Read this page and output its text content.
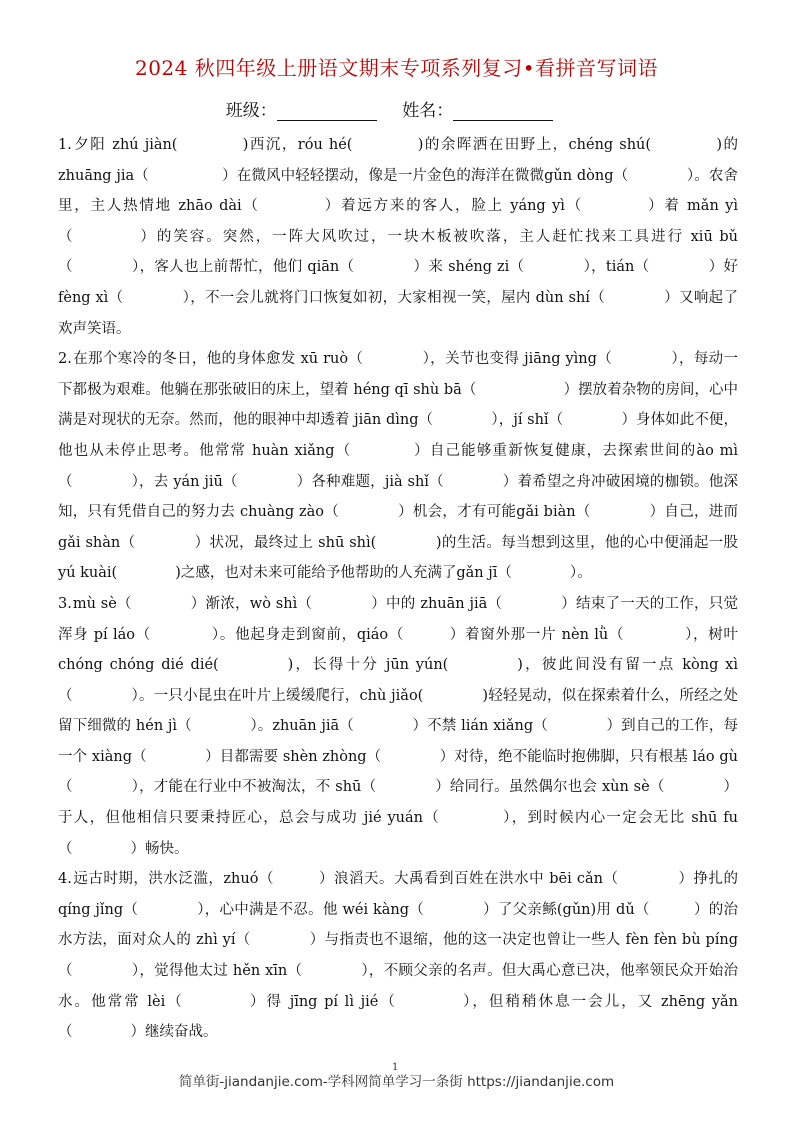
2024 秋四年级上册语文期末专项系列复习•看拼音写词语
班级：	姓名：

1.夕阳 zhú jiàn(　　　　)西沉，róu hé(　　　　)的余晖洒在田野上，chéng shú(　　　　)的 zhuāng jia（　　　　　）在微风中轻轻摆动，像是一片金色的海洋在微微gǔn dòng（　　　　）。农舍里，主人热情地 zhāo dài（　　　　）着远方来的客人，脸上 yáng yì（　　　　）着 mǎn yì（　　　　）的笑容。突然，一阵大风吹过，一块木板被吹落，主人赶忙找来工具进行 xiū bǔ（　　　　），客人也上前帮忙，他们 qiān（　　　　）来 shéng zi（　　　　），tián（　　　　）好 fèng xì（　　　　），不一会儿就将门口恢复如初，大家相视一笑，屋内 dùn shí（　　　　）又响起了欢声笑语。

2.在那个寒冷的冬日，他的身体愈发 xū ruò（　　　　），关节也变得 jiāng yìng（　　　　），每动一下都极为艰难。他躺在那张破旧的床上，望着 héng qī shù bā（　　　　　　）摆放着杂物的房间，心中满是对现状的无奈。然而，他的眼神中却透着 jiān dìng（　　　　），jí shǐ（　　　　）身体如此不便，他也从未停止思考。他常常 huàn xiǎng（　　　　）自己能够重新恢复健康，去探索世间的ào mì（　　　　），去 yán jiū（　　　　）各种难题，jià shǐ（　　　　）着希望之舟冲破困境的枷锁。他深知，只有凭借自己的努力去 chuàng zào（　　　　）机会，才有可能gǎi biàn（　　　　）自己，进而gǎi shàn（　　　　）状况，最终过上 shū shì(　　　　)的生活。每当想到这里，他的心中便涌起一股 yú kuài(　　　　)之感，也对未来可能给予他帮助的人充满了gǎn jī（　　　　）。

3.mù sè（　　　　）渐浓，wò shì（　　　　）中的 zhuān jiā（　　　　）结束了一天的工作，只觉浑身 pí láo（　　　　）。他起身走到窗前，qiáo（　　　）着窗外那一片 nèn lǜ（　　　　），树叶 chóng chóng dié dié(　　　　)，长得十分 jūn yún(　　　　)，彼此间没有留一点 kòng xì（　　　　）。一只小昆虫在叶片上缓缓爬行，chù jiǎo(　　　　)轻轻晃动，似在探索着什么，所经之处留下细微的 hén jì（　　　　）。zhuān jiā（　　　　）不禁 lián xiǎng（　　　　）到自己的工作，每一个 xiàng（　　　　）目都需要 shèn zhòng（　　　　）对待，绝不能临时抱佛脚，只有根基 láo gù（　　　　），才能在行业中不被淘汰，不 shū（　　　　）给同行。虽然偶尔也会 xùn sè（　　　　）于人，但他相信只要秉持匠心，总会与成功 jié yuán（　　　　），到时候内心一定会无比 shū fu（　　　　）畅快。

4.远古时期，洪水泛滥，zhuó（　　　）浪滔天。大禹看到百姓在洪水中 bēi cǎn（　　　　）挣扎的 qíng jǐng（　　　　），心中满是不忍。他 wéi kàng（　　　　）了父亲鲧(gǔn)用 dǔ（　　　）的治水方法，面对众人的 zhì yí（　　　　）与指责也不退缩，他的这一决定也曾让一些人 fèn fèn bù píng（　　　　），觉得他太过 hěn xīn（　　　　），不顾父亲的名声。但大禹心意已决，他率领民众开始治水。他常常 lèi（　　　　）得 jīng pí lì jié（　　　　），但稍稍休息一会儿，又 zhēng yǎn（　　　　）继续奋战。

1
简单街-jiandanjie.com-学科网简单学习一条街 https://jiandanjie.com
